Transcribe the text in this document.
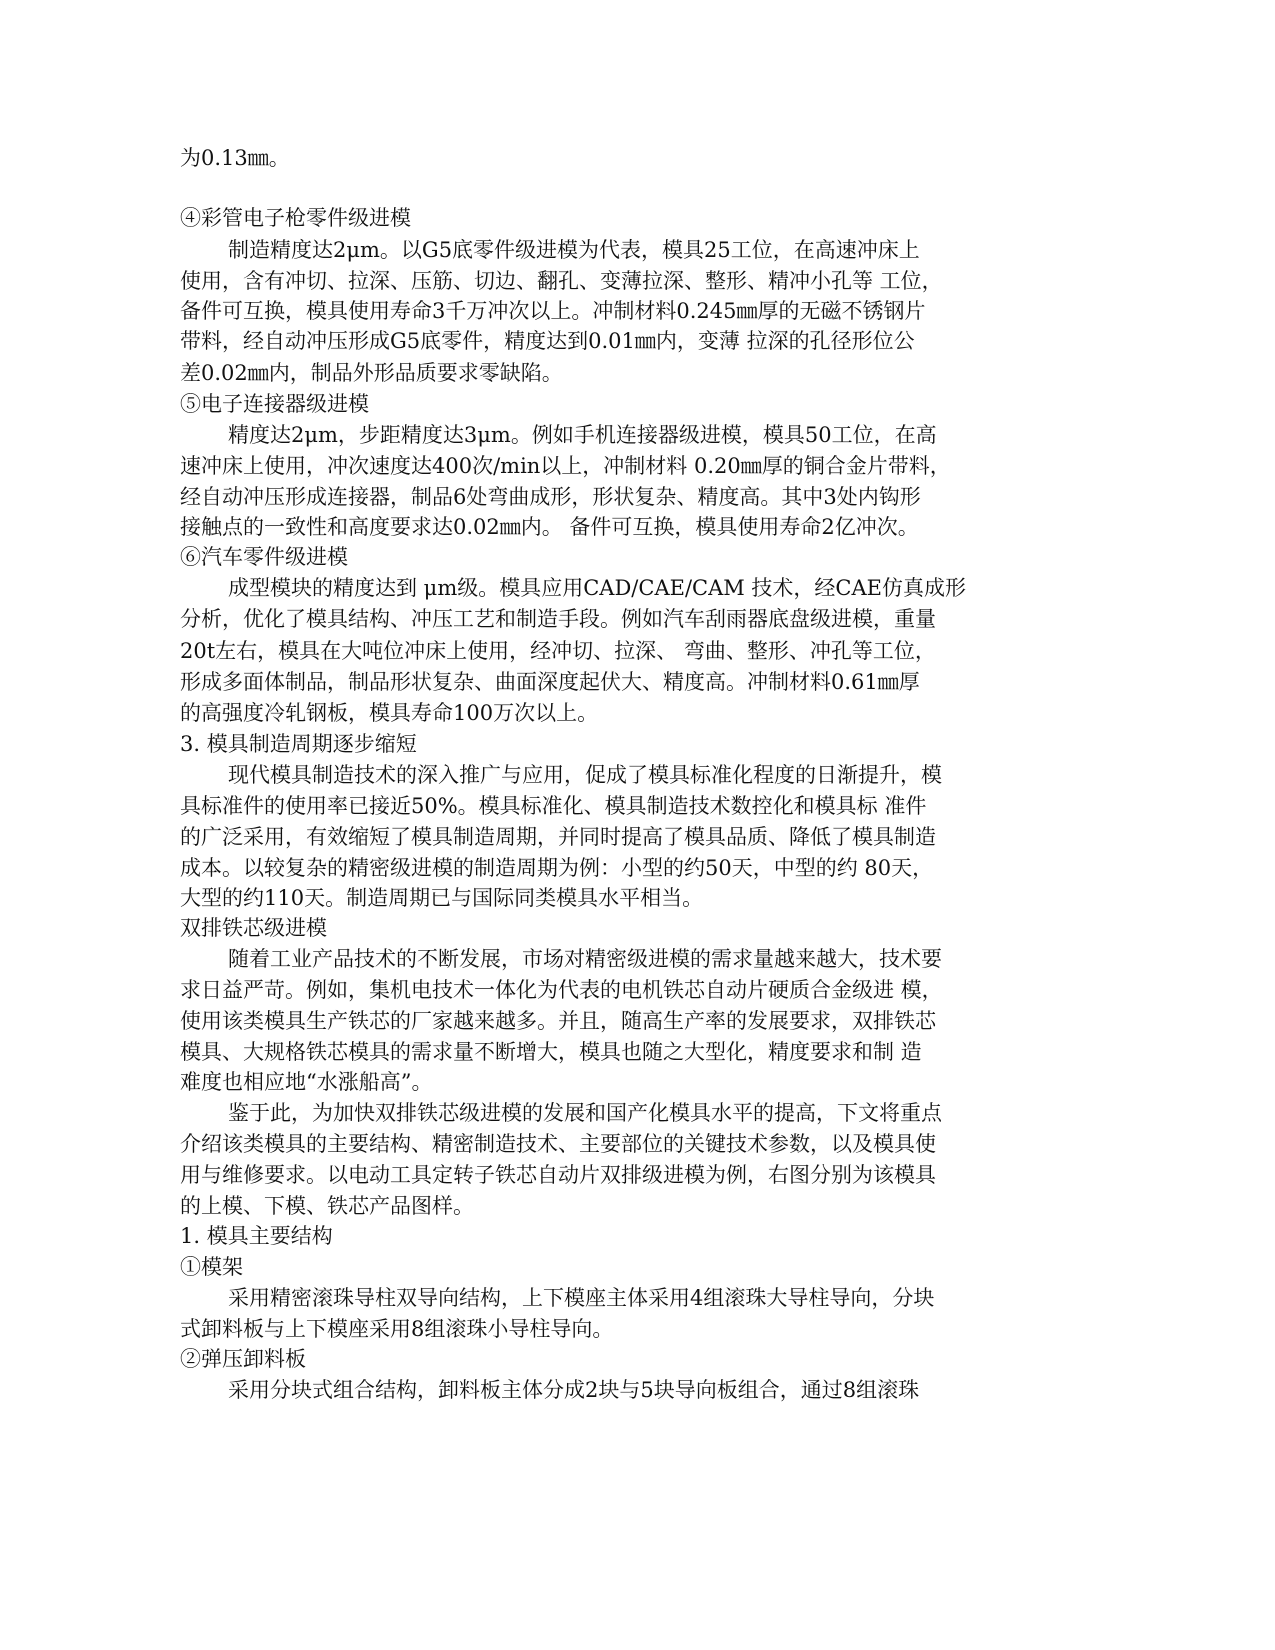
为0.13㎜。
④彩管电子枪零件级进模
制造精度达2μm。以G5底零件级进模为代表，模具25工位，在高速冲床上
使用，含有冲切、拉深、压筋、切边、翻孔、变薄拉深、整形、精冲小孔等 工位，
备件可互换，模具使用寿命3千万冲次以上。冲制材料0.245㎜厚的无磁不锈钢片
带料，经自动冲压形成G5底零件，精度达到0.01㎜内，变薄 拉深的孔径形位公
差0.02㎜内，制品外形品质要求零缺陷。
⑤电子连接器级进模
精度达2μm，步距精度达3μm。例如手机连接器级进模，模具50工位，在高
速冲床上使用，冲次速度达400次/min以上，冲制材料 0.20㎜厚的铜合金片带料，
经自动冲压形成连接器，制品6处弯曲成形，形状复杂、精度高。其中3处内钩形
接触点的一致性和高度要求达0.02㎜内。 备件可互换，模具使用寿命2亿冲次。
⑥汽车零件级进模
成型模块的精度达到 μm级。模具应用CAD/CAE/CAM 技术，经CAE仿真成形
分析，优化了模具结构、冲压工艺和制造手段。例如汽车刮雨器底盘级进模，重量
20t左右，模具在大吨位冲床上使用，经冲切、拉深、 弯曲、整形、冲孔等工位，
形成多面体制品，制品形状复杂、曲面深度起伏大、精度高。冲制材料0.61㎜厚
的高强度冷轧钢板，模具寿命100万次以上。
3. 模具制造周期逐步缩短
现代模具制造技术的深入推广与应用，促成了模具标准化程度的日渐提升，模
具标准件的使用率已接近50%。模具标准化、模具制造技术数控化和模具标 准件
的广泛采用，有效缩短了模具制造周期，并同时提高了模具品质、降低了模具制造
成本。以较复杂的精密级进模的制造周期为例：小型的约50天，中型的约 80天，
大型的约110天。制造周期已与国际同类模具水平相当。
双排铁芯级进模
随着工业产品技术的不断发展，市场对精密级进模的需求量越来越大，技术要
求日益严苛。例如，集机电技术一体化为代表的电机铁芯自动片硬质合金级进 模，
使用该类模具生产铁芯的厂家越来越多。并且，随高生产率的发展要求，双排铁芯
模具、大规格铁芯模具的需求量不断增大，模具也随之大型化，精度要求和制 造
难度也相应地“水涨船高”。
鉴于此，为加快双排铁芯级进模的发展和国产化模具水平的提高，下文将重点
介绍该类模具的主要结构、精密制造技术、主要部位的关键技术参数，以及模具使
用与维修要求。以电动工具定转子铁芯自动片双排级进模为例，右图分别为该模具
的上模、下模、铁芯产品图样。
1. 模具主要结构
①模架
采用精密滚珠导柱双导向结构，上下模座主体采用4组滚珠大导柱导向，分块
式卸料板与上下模座采用8组滚珠小导柱导向。
②弹压卸料板
采用分块式组合结构，卸料板主体分成2块与5块导向板组合，通过8组滚珠
